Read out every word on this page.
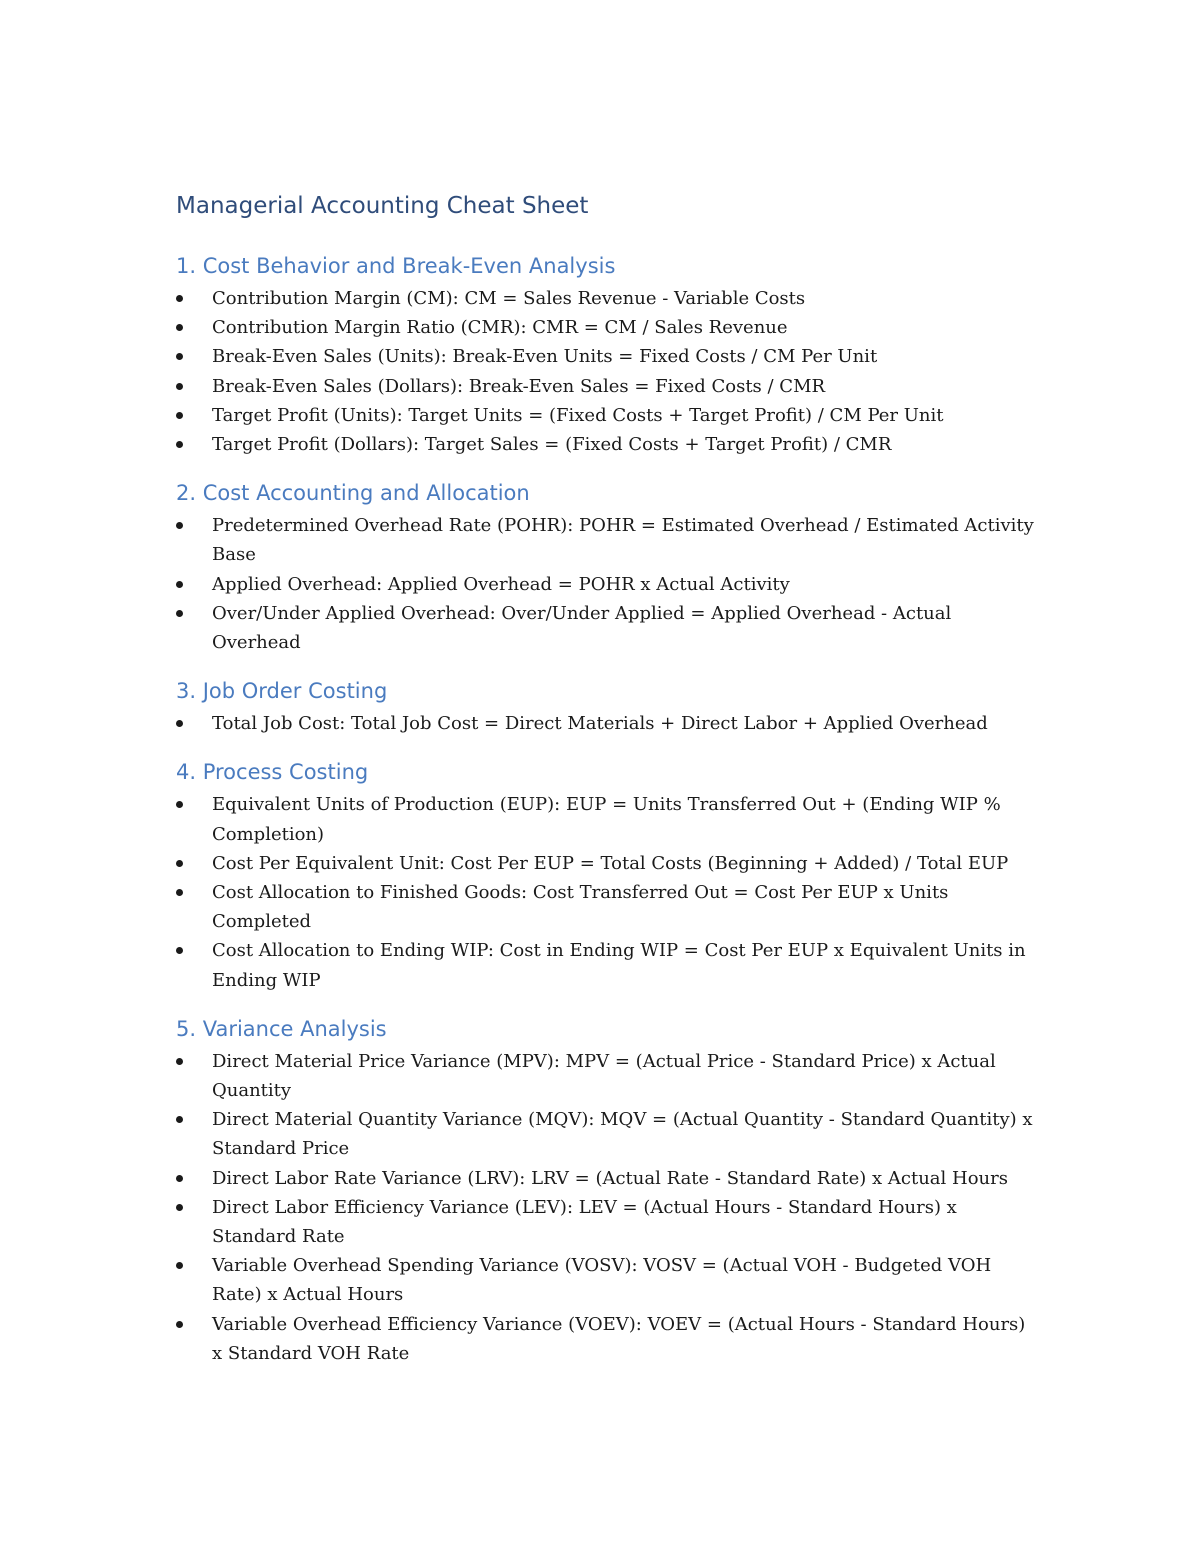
Managerial Accounting Cheat Sheet
1. Cost Behavior and Break-Even Analysis
Contribution Margin (CM): CM = Sales Revenue - Variable Costs
Contribution Margin Ratio (CMR): CMR = CM / Sales Revenue
Break-Even Sales (Units): Break-Even Units = Fixed Costs / CM Per Unit
Break-Even Sales (Dollars): Break-Even Sales = Fixed Costs / CMR
Target Profit (Units): Target Units = (Fixed Costs + Target Profit) / CM Per Unit
Target Profit (Dollars): Target Sales = (Fixed Costs + Target Profit) / CMR
2. Cost Accounting and Allocation
Predetermined Overhead Rate (POHR): POHR = Estimated Overhead / Estimated Activity Base
Applied Overhead: Applied Overhead = POHR x Actual Activity
Over/Under Applied Overhead: Over/Under Applied = Applied Overhead - Actual Overhead
3. Job Order Costing
Total Job Cost: Total Job Cost = Direct Materials + Direct Labor + Applied Overhead
4. Process Costing
Equivalent Units of Production (EUP): EUP = Units Transferred Out + (Ending WIP % Completion)
Cost Per Equivalent Unit: Cost Per EUP = Total Costs (Beginning + Added) / Total EUP
Cost Allocation to Finished Goods: Cost Transferred Out = Cost Per EUP x Units Completed
Cost Allocation to Ending WIP: Cost in Ending WIP = Cost Per EUP x Equivalent Units in Ending WIP
5. Variance Analysis
Direct Material Price Variance (MPV): MPV = (Actual Price - Standard Price) x Actual Quantity
Direct Material Quantity Variance (MQV): MQV = (Actual Quantity - Standard Quantity) x Standard Price
Direct Labor Rate Variance (LRV): LRV = (Actual Rate - Standard Rate) x Actual Hours
Direct Labor Efficiency Variance (LEV): LEV = (Actual Hours - Standard Hours) x Standard Rate
Variable Overhead Spending Variance (VOSV): VOSV = (Actual VOH - Budgeted VOH Rate) x Actual Hours
Variable Overhead Efficiency Variance (VOEV): VOEV = (Actual Hours - Standard Hours) x Standard VOH Rate
